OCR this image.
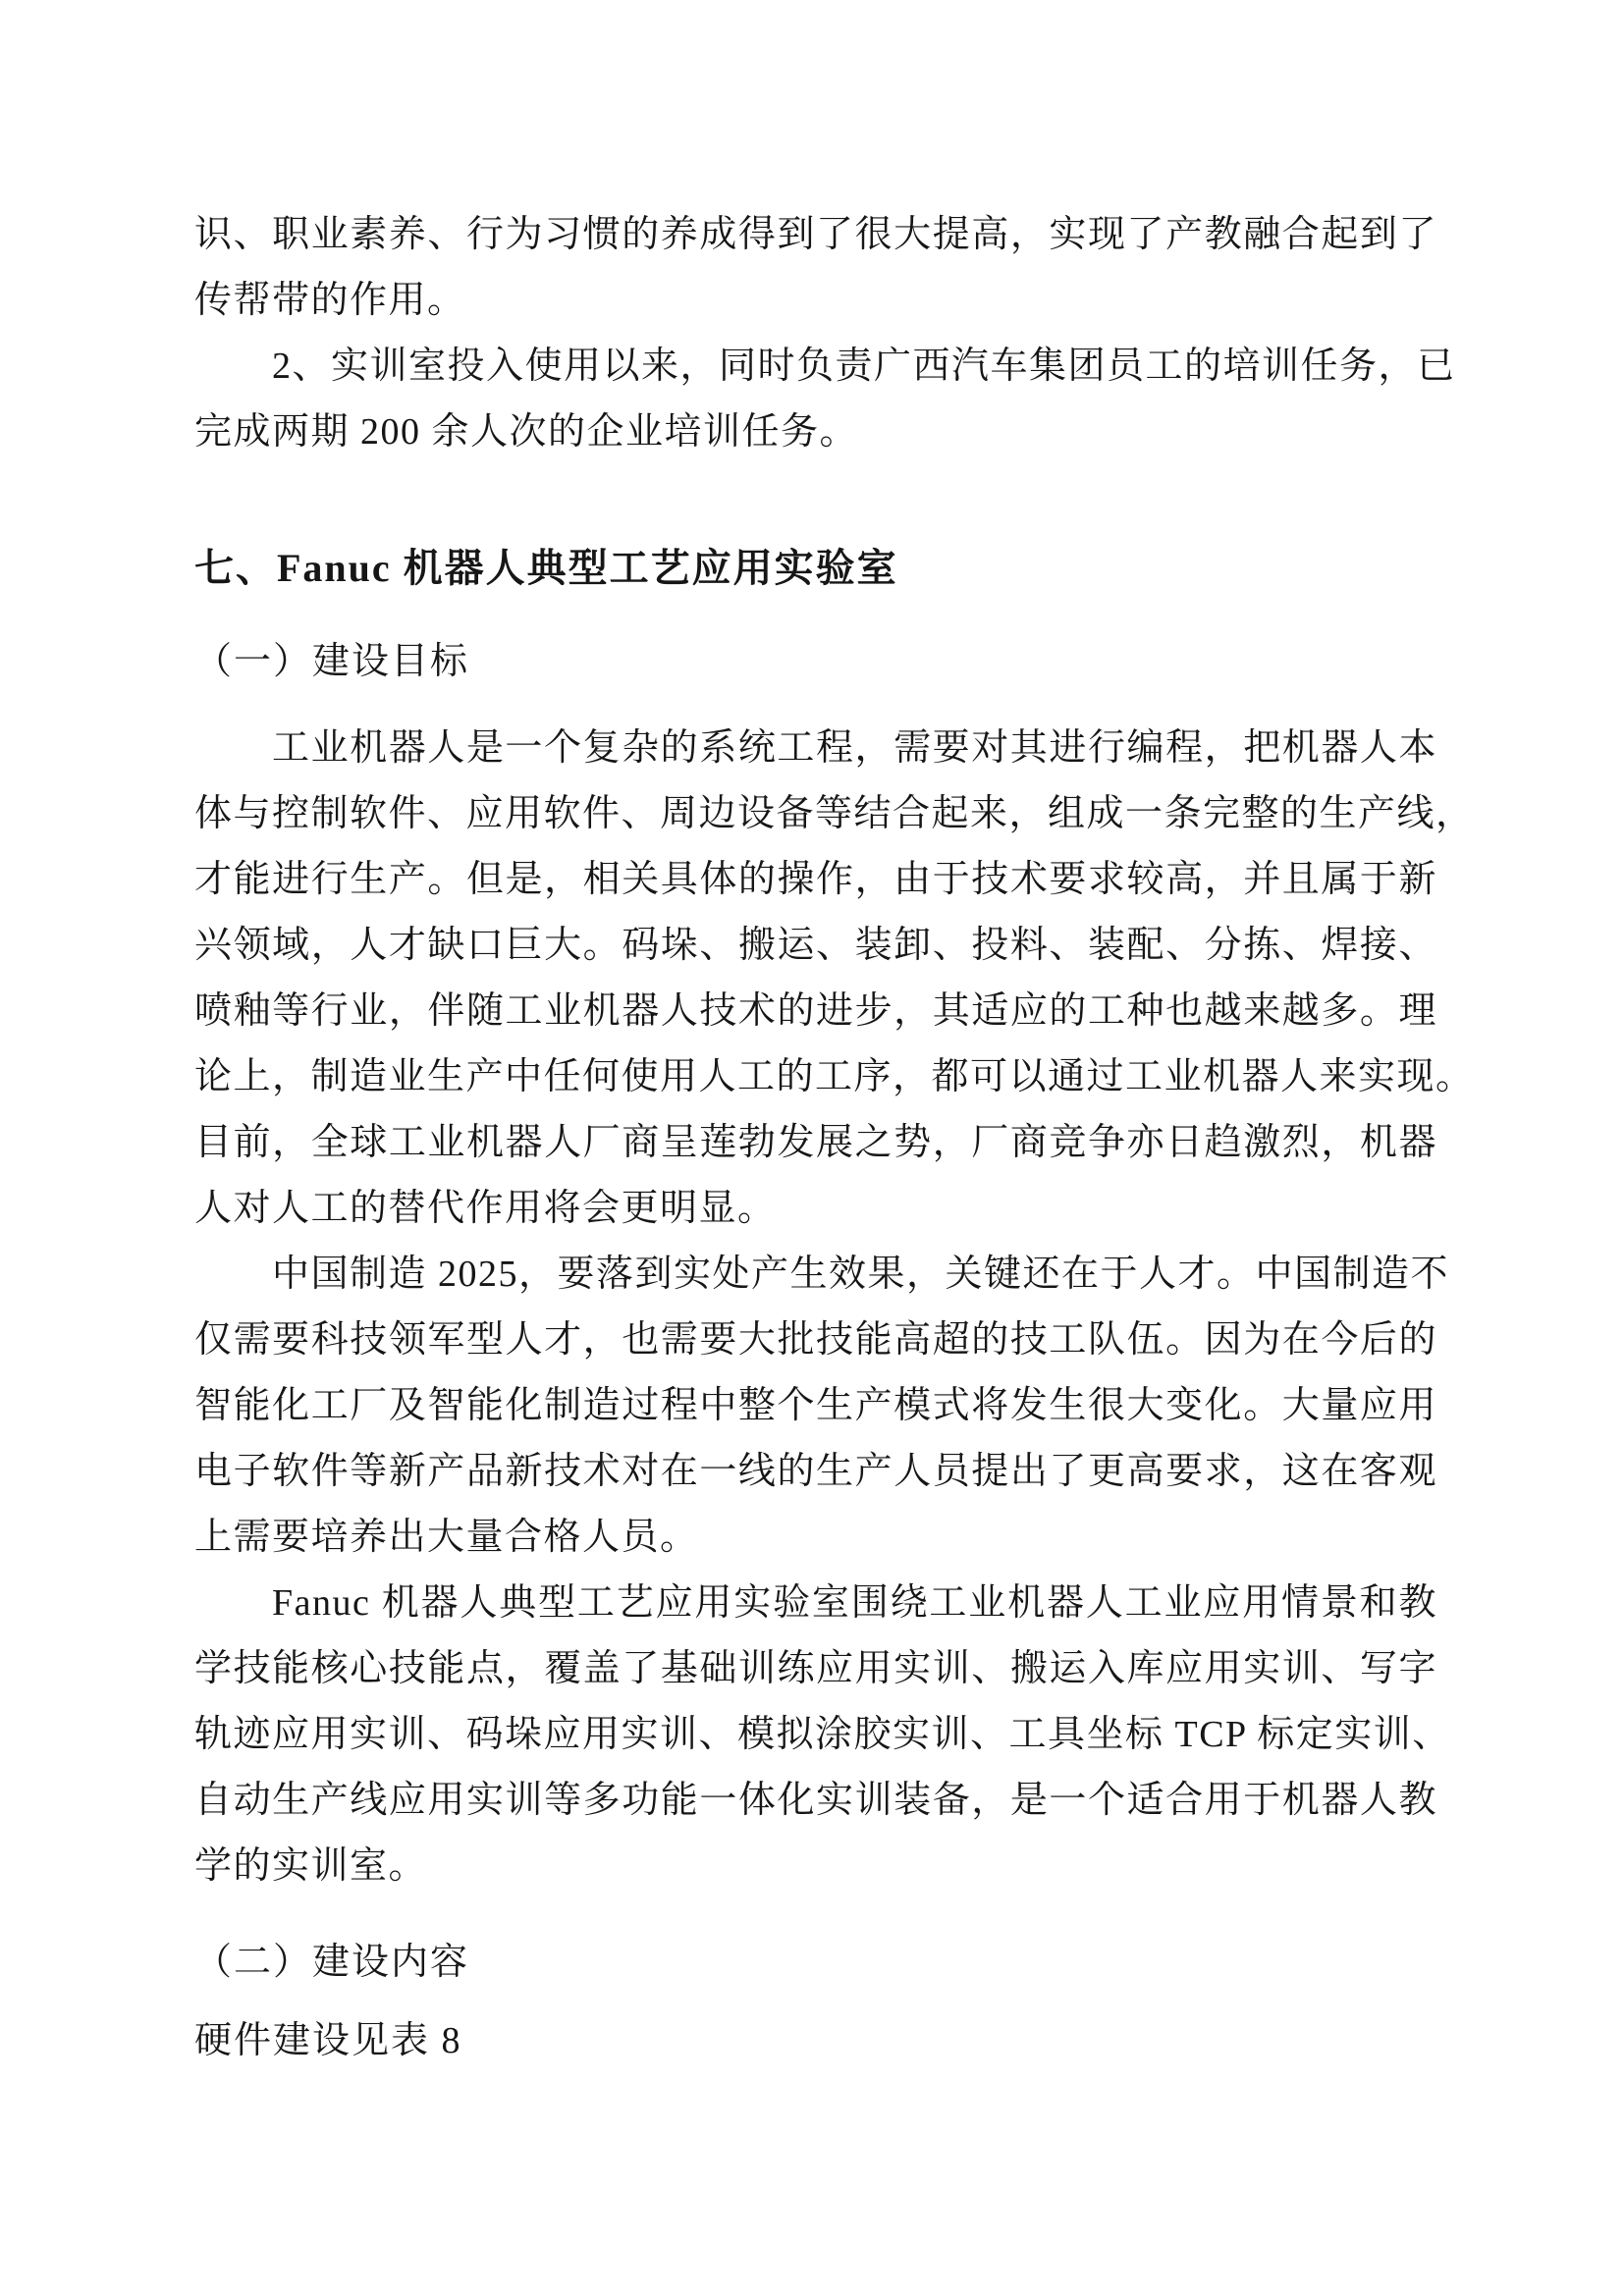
识、职业素养、行为习惯的养成得到了很大提高，实现了产教融合起到了
传帮带的作用。
2、实训室投入使用以来，同时负责广西汽车集团员工的培训任务，已
完成两期 200 余人次的企业培训任务。
七、Fanuc 机器人典型工艺应用实验室
（一）建设目标
工业机器人是一个复杂的系统工程，需要对其进行编程，把机器人本
体与控制软件、应用软件、周边设备等结合起来，组成一条完整的生产线，
才能进行生产。但是，相关具体的操作，由于技术要求较高，并且属于新
兴领域，人才缺口巨大。码垛、搬运、装卸、投料、装配、分拣、焊接、
喷釉等行业，伴随工业机器人技术的进步，其适应的工种也越来越多。理
论上，制造业生产中任何使用人工的工序，都可以通过工业机器人来实现。
目前，全球工业机器人厂商呈莲勃发展之势，厂商竞争亦日趋激烈，机器
人对人工的替代作用将会更明显。
中国制造 2025，要落到实处产生效果，关键还在于人才。中国制造不
仅需要科技领军型人才，也需要大批技能高超的技工队伍。因为在今后的
智能化工厂及智能化制造过程中整个生产模式将发生很大变化。大量应用
电子软件等新产品新技术对在一线的生产人员提出了更高要求，这在客观
上需要培养出大量合格人员。
Fanuc 机器人典型工艺应用实验室围绕工业机器人工业应用情景和教
学技能核心技能点，覆盖了基础训练应用实训、搬运入库应用实训、写字
轨迹应用实训、码垛应用实训、模拟涂胶实训、工具坐标 TCP 标定实训、
自动生产线应用实训等多功能一体化实训装备，是一个适合用于机器人教
学的实训室。
（二）建设内容
硬件建设见表 8
